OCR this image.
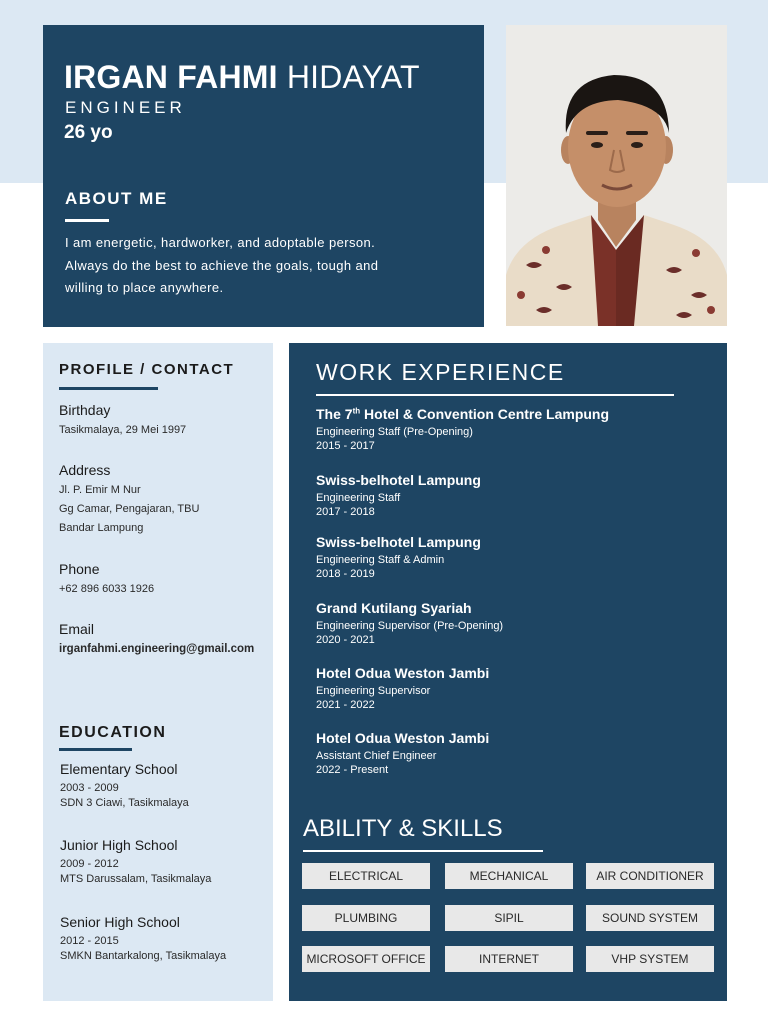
IRGAN FAHMI HIDAYAT
ENGINEER
26 yo
ABOUT ME
I am energetic, hardworker, and adoptable person.
Always do the best to achieve the goals, tough and
willing to place anywhere.
PROFILE / CONTACT
Birthday
Tasikmalaya, 29 Mei 1997
Address
Jl. P. Emir M Nur
Gg Camar, Pengajaran, TBU
Bandar Lampung
Phone
+62 896 6033 1926
Email
irganfahmi.engineering@gmail.com
EDUCATION
Elementary School
2003 - 2009
SDN 3 Ciawi, Tasikmalaya
Junior High School
2009 - 2012
MTS Darussalam, Tasikmalaya
Senior High School
2012 - 2015
SMKN Bantarkalong, Tasikmalaya
WORK EXPERIENCE
The 7th Hotel & Convention Centre Lampung
Engineering Staff (Pre-Opening)
2015 - 2017
Swiss-belhotel Lampung
Engineering Staff
2017 - 2018
Swiss-belhotel Lampung
Engineering Staff & Admin
2018 - 2019
Grand Kutilang Syariah
Engineering Supervisor (Pre-Opening)
2020 - 2021
Hotel Odua Weston Jambi
Engineering Supervisor
2021 - 2022
Hotel Odua Weston Jambi
Assistant Chief Engineer
2022 - Present
ABILITY & SKILLS
ELECTRICAL	MECHANICAL	AIR CONDITIONER
PLUMBING	SIPIL	SOUND SYSTEM
MICROSOFT OFFICE	INTERNET	VHP SYSTEM
